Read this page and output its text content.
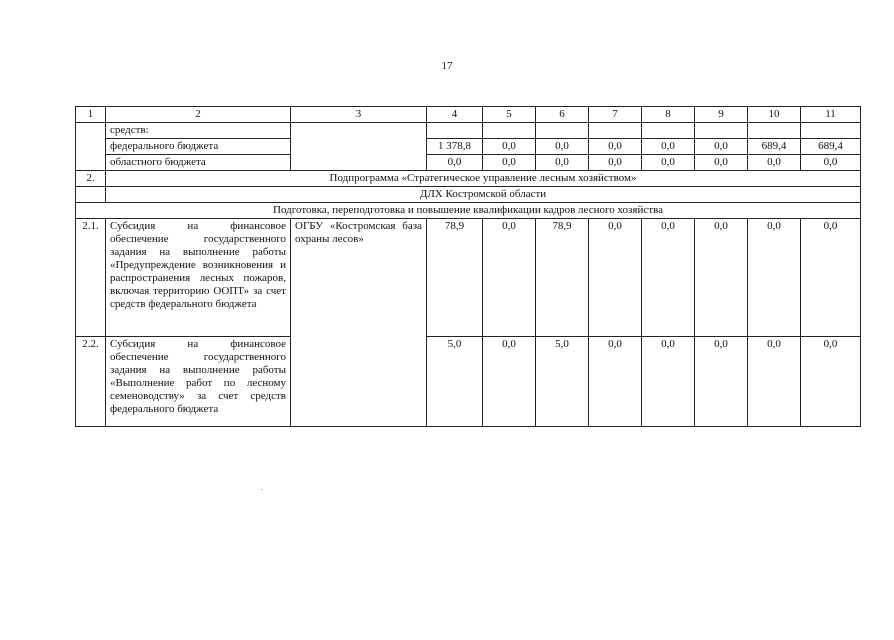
17
1	2	3	4	5	6	7	8	9	10	11
	средств:									
	федерального бюджета		1 378,8	0,0	0,0	0,0	0,0	0,0	689,4	689,4
	областного бюджета		0,0	0,0	0,0	0,0	0,0	0,0	0,0	0,0
2.	Подпрограмма «Стратегическое управление лесным хозяйством»									
	ДЛХ Костромской области									
Подготовка, переподготовка и повышение квалификации кадров лесного хозяйства										
2.1.	Субсидия на финансовое обеспечение государственного задания на выполнение работы «Предупреждение возникновения и распространения лесных пожаров, включая территорию ООПТ» за счет средств федерального бюджета	ОГБУ «Костромская база охраны лесов»	78,9	0,0	78,9	0,0	0,0	0,0	0,0	0,0
2.2.	Субсидия на финансовое обеспечение государственного задания на выполнение работы «Выполнение работ по лесному семеноводству» за счет средств федерального бюджета		5,0	0,0	5,0	0,0	0,0	0,0	0,0	0,0
